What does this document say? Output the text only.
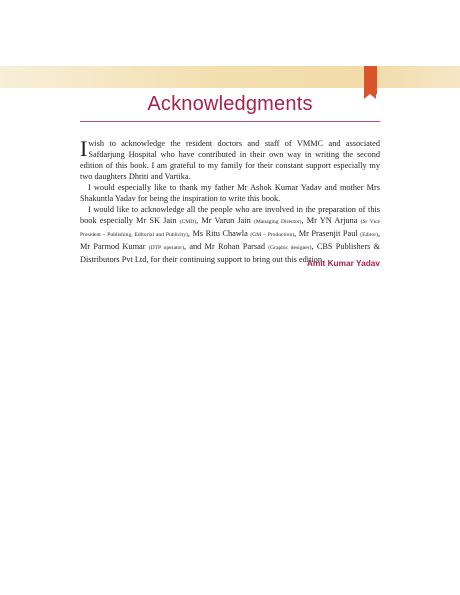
Acknowledgments

Iwish to acknowledge the resident doctors and staff of VMMC and associated Safdarjung Hospital who have contributed in their own way in writing the second edition of this book. I am grateful to my family for their constant support especially my two daughters Dhriti and Vartika.

I would especially like to thank my father Mr Ashok Kumar Yadav and mother Mrs Shakuntla Yadav for being the inspiration to write this book.

I would like to acknowledge all the people who are involved in the preparation of this book especially Mr SK Jain (CMD), Mr Varun Jain (Managing Director), Mr YN Arjuna (Sr Vice President – Publishing, Editorial and Publicity), Ms Ritu Chawla (GM – Production), Mr Prasenjit Paul (Editor), Mr Parmod Kumar (DTP operator), and Mr Rohan Parsad (Graphic designer), CBS Publishers & Distributors Pvt Ltd, for their continuing support to bring out this edition.

Amit Kumar Yadav
